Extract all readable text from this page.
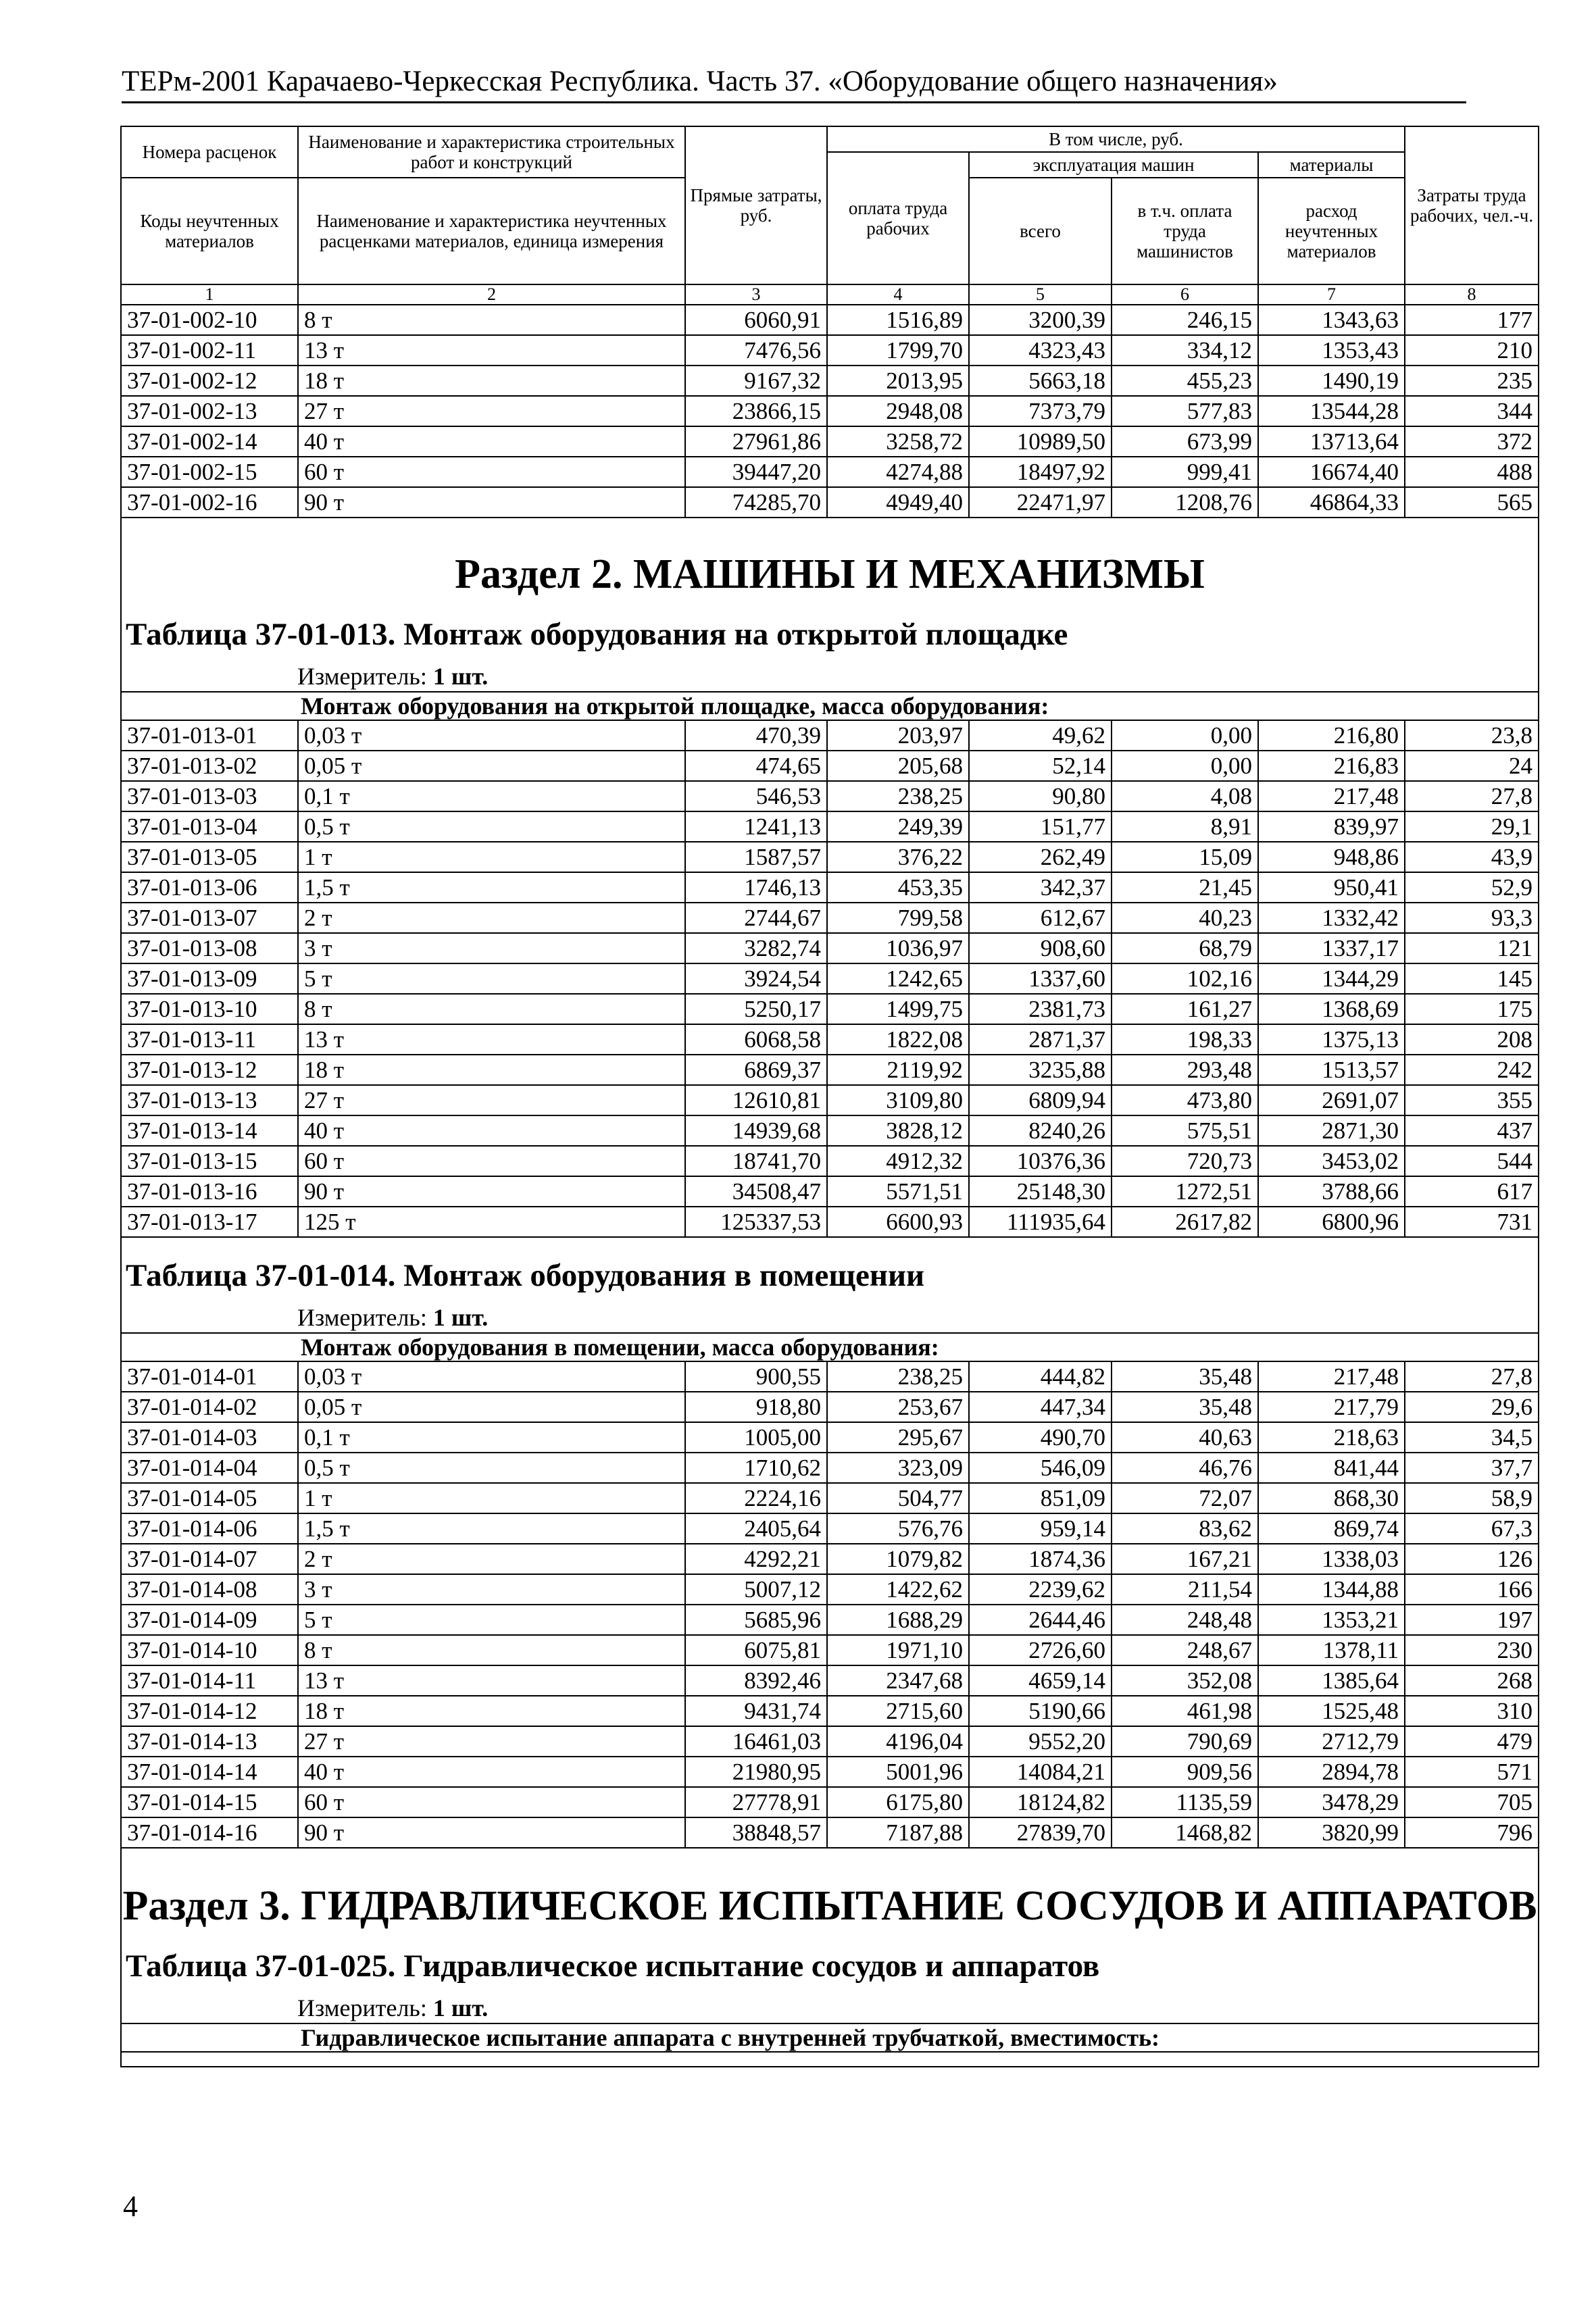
ТЕРм-2001 Карачаево-Черкесская Республика. Часть 37. «Оборудование общего назначения»
Номера расценок	Наименование и характеристика строительных работ и конструкций	Прямые затраты, руб.	В том числе, руб.				Затраты труда рабочих, чел.-ч.
			оплата труда рабочих	эксплуатация машин		материалы	
Коды неучтенных материалов	Наименование и характеристика неучтенных расценками материалов, единица измерения			всего	в т.ч. оплата труда машинистов	расход неучтенных материалов	
1	2	3	4	5	6	7	8
37-01-002-10	8 т	6060,91	1516,89	3200,39	246,15	1343,63	177
37-01-002-11	13 т	7476,56	1799,70	4323,43	334,12	1353,43	210
37-01-002-12	18 т	9167,32	2013,95	5663,18	455,23	1490,19	235
37-01-002-13	27 т	23866,15	2948,08	7373,79	577,83	13544,28	344
37-01-002-14	40 т	27961,86	3258,72	10989,50	673,99	13713,64	372
37-01-002-15	60 т	39447,20	4274,88	18497,92	999,41	16674,40	488
37-01-002-16	90 т	74285,70	4949,40	22471,97	1208,76	46864,33	565
Раздел 2. МАШИНЫ И МЕХАНИЗМЫ							
Таблица 37-01-013. Монтаж оборудования на открытой площадке							
Измеритель: 1 шт.							
Монтаж оборудования на открытой площадке, масса оборудования:							
37-01-013-01	0,03 т	470,39	203,97	49,62	0,00	216,80	23,8
37-01-013-02	0,05 т	474,65	205,68	52,14	0,00	216,83	24
37-01-013-03	0,1 т	546,53	238,25	90,80	4,08	217,48	27,8
37-01-013-04	0,5 т	1241,13	249,39	151,77	8,91	839,97	29,1
37-01-013-05	1 т	1587,57	376,22	262,49	15,09	948,86	43,9
37-01-013-06	1,5 т	1746,13	453,35	342,37	21,45	950,41	52,9
37-01-013-07	2 т	2744,67	799,58	612,67	40,23	1332,42	93,3
37-01-013-08	3 т	3282,74	1036,97	908,60	68,79	1337,17	121
37-01-013-09	5 т	3924,54	1242,65	1337,60	102,16	1344,29	145
37-01-013-10	8 т	5250,17	1499,75	2381,73	161,27	1368,69	175
37-01-013-11	13 т	6068,58	1822,08	2871,37	198,33	1375,13	208
37-01-013-12	18 т	6869,37	2119,92	3235,88	293,48	1513,57	242
37-01-013-13	27 т	12610,81	3109,80	6809,94	473,80	2691,07	355
37-01-013-14	40 т	14939,68	3828,12	8240,26	575,51	2871,30	437
37-01-013-15	60 т	18741,70	4912,32	10376,36	720,73	3453,02	544
37-01-013-16	90 т	34508,47	5571,51	25148,30	1272,51	3788,66	617
37-01-013-17	125 т	125337,53	6600,93	111935,64	2617,82	6800,96	731

Таблица 37-01-014. Монтаж оборудования в помещении							
Измеритель: 1 шт.							
Монтаж оборудования в помещении, масса оборудования:							
37-01-014-01	0,03 т	900,55	238,25	444,82	35,48	217,48	27,8
37-01-014-02	0,05 т	918,80	253,67	447,34	35,48	217,79	29,6
37-01-014-03	0,1 т	1005,00	295,67	490,70	40,63	218,63	34,5
37-01-014-04	0,5 т	1710,62	323,09	546,09	46,76	841,44	37,7
37-01-014-05	1 т	2224,16	504,77	851,09	72,07	868,30	58,9
37-01-014-06	1,5 т	2405,64	576,76	959,14	83,62	869,74	67,3
37-01-014-07	2 т	4292,21	1079,82	1874,36	167,21	1338,03	126
37-01-014-08	3 т	5007,12	1422,62	2239,62	211,54	1344,88	166
37-01-014-09	5 т	5685,96	1688,29	2644,46	248,48	1353,21	197
37-01-014-10	8 т	6075,81	1971,10	2726,60	248,67	1378,11	230
37-01-014-11	13 т	8392,46	2347,68	4659,14	352,08	1385,64	268
37-01-014-12	18 т	9431,74	2715,60	5190,66	461,98	1525,48	310
37-01-014-13	27 т	16461,03	4196,04	9552,20	790,69	2712,79	479
37-01-014-14	40 т	21980,95	5001,96	14084,21	909,56	2894,78	571
37-01-014-15	60 т	27778,91	6175,80	18124,82	1135,59	3478,29	705
37-01-014-16	90 т	38848,57	7187,88	27839,70	1468,82	3820,99	796
Раздел 3. ГИДРАВЛИЧЕСКОЕ ИСПЫТАНИЕ СОСУДОВ И АППАРАТОВ							
Таблица 37-01-025. Гидравлическое испытание сосудов и аппаратов							
Измеритель: 1 шт.							
Гидравлическое испытание аппарата с внутренней трубчаткой, вместимость:							

4
